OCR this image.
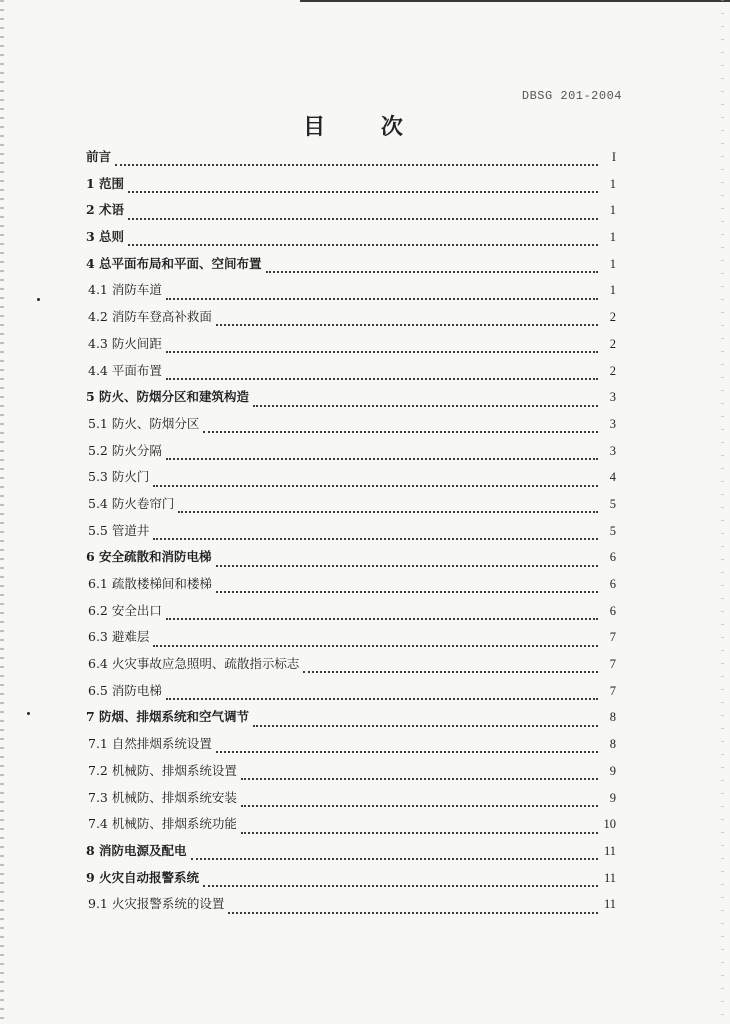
DBSG 201-2004
目 次
前言	I
1 范围	1
2 术语	1
3 总则	1
4 总平面布局和平面、空间布置	1
4.1 消防车道	1
4.2 消防车登高补救面	2
4.3 防火间距	2
4.4 平面布置	2
5 防火、防烟分区和建筑构造	3
5.1 防火、防烟分区	3
5.2 防火分隔	3
5.3 防火门	4
5.4 防火卷帘门	5
5.5 管道井	5
6 安全疏散和消防电梯	6
6.1 疏散楼梯间和楼梯	6
6.2 安全出口	6
6.3 避难层	7
6.4 火灾事故应急照明、疏散指示标志	7
6.5 消防电梯	7
7 防烟、排烟系统和空气调节	8
7.1 自然排烟系统设置	8
7.2 机械防、排烟系统设置	9
7.3 机械防、排烟系统安装	9
7.4 机械防、排烟系统功能	10
8 消防电源及配电	11
9 火灾自动报警系统	11
9.1 火灾报警系统的设置	11
